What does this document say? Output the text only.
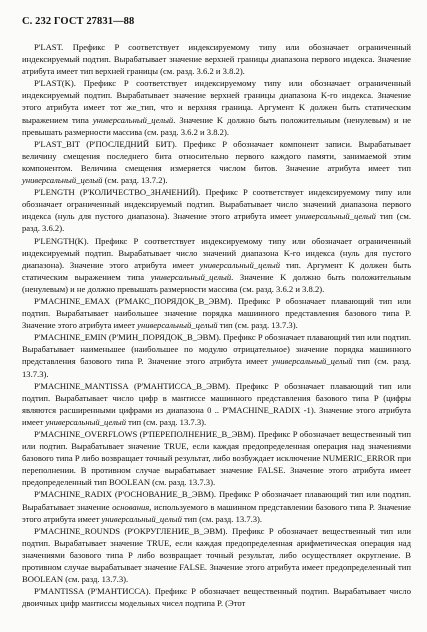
С. 232 ГОСТ 27831—88

P'LAST. Префикс P соответствует индексируемому типу или обозначает ограниченный индексируемый подтип. Вырабатывает значение верхней границы диапазона первого индекса. Значение атрибута имеет тип верхней границы (см. разд. 3.6.2 и 3.8.2).

P'LAST(K). Префикс P соответствует индексируемому типу или обозначает ограниченный индексируемый подтип. Вырабатывает значение верхней границы диапазона K-го индекса. Значение этого атрибута имеет тот же_тип, что и верхняя граница. Аргумент K должен быть статическим выражением типа универсальный_целый. Значение K должно быть положительным (ненулевым) и не превышать размерности массива (см. разд. 3.6.2 и 3.8.2).

P'LAST_BIT (P'ПОСЛЕДНИЙ БИТ). Префикс P обозначает компонент записи. Вырабатывает величину смещения последнего бита относительно первого каждого памяти, занимаемой этим компонентом. Величина смещения измеряется числом битов. Значение атрибута имеет тип универсальный_целый (см. разд. 13.7.2).

P'LENGTH (P'КОЛИЧЕСТВО_ЗНАЧЕНИЙ). Префикс P соответствует индексируемому типу или обозначает ограниченный индексируемый подтип. Вырабатывает число значений диапазона первого индекса (нуль для пустого диапазона). Значение этого атрибута имеет универсальный_целый тип (см. разд. 3.6.2).

P'LENGTH(K). Префикс P соответствует индексируемому типу или обозначает ограниченный индексируемый подтип. Вырабатывает число значений диапазона K-го индекса (нуль для пустого диапазона). Значение этого атрибута имеет универсальный_целый тип. Аргумент K должен быть статическим выражением типа универсальный_целый. Значение K должно быть положительным (ненулевым) и не должно превышать размерности массива (см. разд. 3.6.2 и 3.8.2).

P'MACHINE_EMAX (P'МАКС_ПОРЯДОК_В_ЭВМ). Префикс P обозначает плавающий тип или подтип. Вырабатывает наибольшее значение порядка машинного представления базового типа P. Значение этого атрибута имеет универсальный_целый тип (см. разд. 13.7.3).

P'MACHINE_EMIN (P'МИН_ПОРЯДОК_В_ЭВМ). Префикс P обозначает плавающий тип или подтип. Вырабатывает наименьшее (наибольшее по модулю отрицательное) значение порядка машинного представления базового типа P. Значение этого атрибута имеет универсальный_целый тип (см. разд. 13.7.3).

P'MACHINE_MANTISSA (P'МАНТИССА_В_ЭВМ). Префикс P обозначает плавающий тип или подтип. Вырабатывает число цифр в мантиссе машинного представления базового типа P (цифры являются расширенными цифрами из диапазона 0 .. P'MACHINE_RADIX -1). Значение этого атрибута имеет универсальный_целый тип (см. разд. 13.7.3).

P'MACHINE_OVERFLOWS (P'ПЕРЕПОЛНЕНИЕ_В_ЭВМ). Префикс P обозначает вещественный тип или подтип. Вырабатывает значение TRUE, если каждая предопределенная операция над значениями базового типа P либо возвращает точный результат, либо возбуждает исключение NUMERIC_ERROR при переполнении. В противном случае вырабатывает значение FALSE. Значение этого атрибута имеет предопределенный тип BOOLEAN (см. разд. 13.7.3).

P'MACHINE_RADIX (P'ОСНОВАНИЕ_В_ЭВМ). Префикс P обозначает плавающий тип или подтип. Вырабатывает значение основания, используемого в машинном представлении базового типа P. Значение этого атрибута имеет универсальный_целый тип (см. разд. 13.7.3).

P'MACHINE_ROUNDS (P'ОКРУГЛЕНИЕ_В_ЭВМ). Префикс P обозначает вещественный тип или подтип. Вырабатывает значение TRUE, если каждая предопределенная арифметическая операция над значениями базового типа P либо возвращает точный результат, либо осуществляет округление. В противном случае вырабатывает значение FALSE. Значение этого атрибута имеет предопределенный тип BOOLEAN (см. разд. 13.7.3).

P'MANTISSA (P'МАНТИССА). Префикс P обозначает вещественный подтип. Вырабатывает число двоичных цифр мантиссы модельных чисел подтипа P. (Этот
